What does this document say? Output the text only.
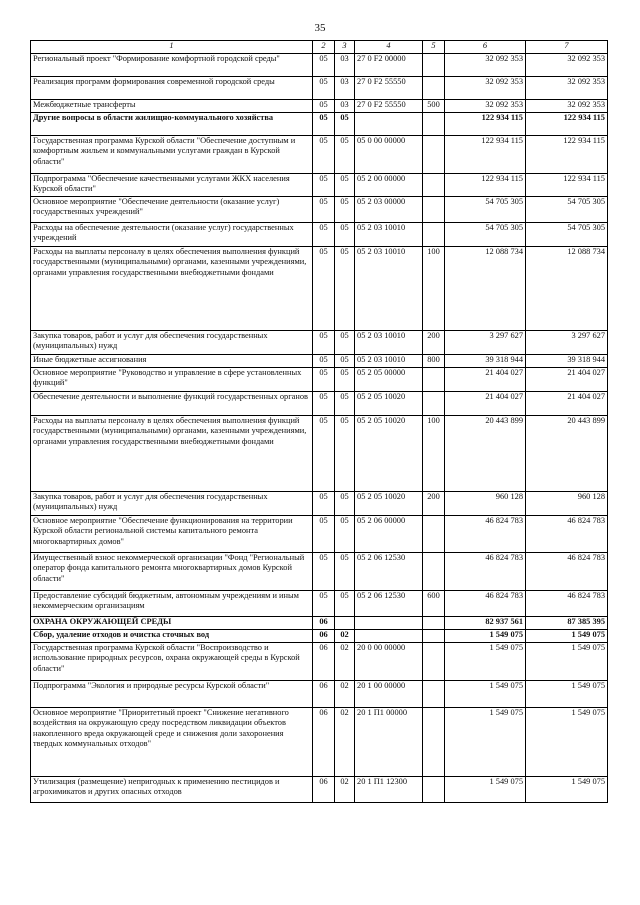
35
1	2	3	4	5	6	7
Региональный проект "Формирование комфортной городской среды"	05	03	27 0 F2 00000		32 092 353	32 092 353
Реализация программ формирования современной городской среды	05	03	27 0 F2 55550		32 092 353	32 092 353
Межбюджетные трансферты	05	03	27 0 F2 55550	500	32 092 353	32 092 353
Другие вопросы в области жилищно-коммунального хозяйства	05	05			122 934 115	122 934 115
Государственная программа Курской области "Обеспечение доступным и комфортным жильем и коммунальными услугами граждан в Курской области"	05	05	05 0 00 00000		122 934 115	122 934 115
Подпрограмма "Обеспечение качественными услугами ЖКХ населения Курской области"	05	05	05 2 00 00000		122 934 115	122 934 115
Основное мероприятие "Обеспечение деятельности (оказание услуг) государственных учреждений"	05	05	05 2 03 00000		54 705 305	54 705 305
Расходы на обеспечение деятельности (оказание услуг) государственных учреждений	05	05	05 2 03 10010		54 705 305	54 705 305
Расходы на выплаты персоналу в целях обеспечения выполнения функций государственными (муниципальными) органами, казенными учреждениями, органами управления государственными внебюджетными фондами	05	05	05 2 03 10010	100	12 088 734	12 088 734
Закупка товаров, работ и услуг для обеспечения государственных (муниципальных) нужд	05	05	05 2 03 10010	200	3 297 627	3 297 627
Иные бюджетные ассигнования	05	05	05 2 03 10010	800	39 318 944	39 318 944
Основное мероприятие "Руководство и управление в сфере установленных функций"	05	05	05 2 05 00000		21 404 027	21 404 027
Обеспечение деятельности и выполнение функций государственных органов	05	05	05 2 05 10020		21 404 027	21 404 027
Расходы на выплаты персоналу в целях обеспечения выполнения функций государственными (муниципальными) органами, казенными учреждениями, органами управления государственными внебюджетными фондами	05	05	05 2 05 10020	100	20 443 899	20 443 899
Закупка товаров, работ и услуг для обеспечения государственных (муниципальных) нужд	05	05	05 2 05 10020	200	960 128	960 128
Основное мероприятие "Обеспечение функционирования на территории Курской области региональной системы капитального ремонта многоквартирных домов"	05	05	05 2 06 00000		46 824 783	46 824 783
Имущественный взнос некоммерческой организации "Фонд "Региональный оператор фонда капитального ремонта многоквартирных домов Курской области"	05	05	05 2 06 12530		46 824 783	46 824 783
Предоставление субсидий бюджетным, автономным учреждениям и иным некоммерческим организациям	05	05	05 2 06 12530	600	46 824 783	46 824 783
ОХРАНА ОКРУЖАЮЩЕЙ СРЕДЫ	06				82 937 561	87 385 395
Сбор, удаление отходов и очистка сточных вод	06	02			1 549 075	1 549 075
Государственная программа Курской области "Воспроизводство и использование природных ресурсов, охрана окружающей среды в Курской области"	06	02	20 0 00 00000		1 549 075	1 549 075
Подпрограмма "Экология и природные ресурсы Курской области"	06	02	20 1 00 00000		1 549 075	1 549 075
Основное мероприятие "Приоритетный проект "Снижение негативного воздействия на окружающую среду посредством ликвидации объектов накопленного вреда окружающей среде и снижения доли захоронения твердых коммунальных отходов"	06	02	20 1 П1 00000		1 549 075	1 549 075
Утилизация (размещение) непригодных к применению пестицидов и агрохимикатов и других опасных отходов	06	02	20 1 П1 12300		1 549 075	1 549 075
